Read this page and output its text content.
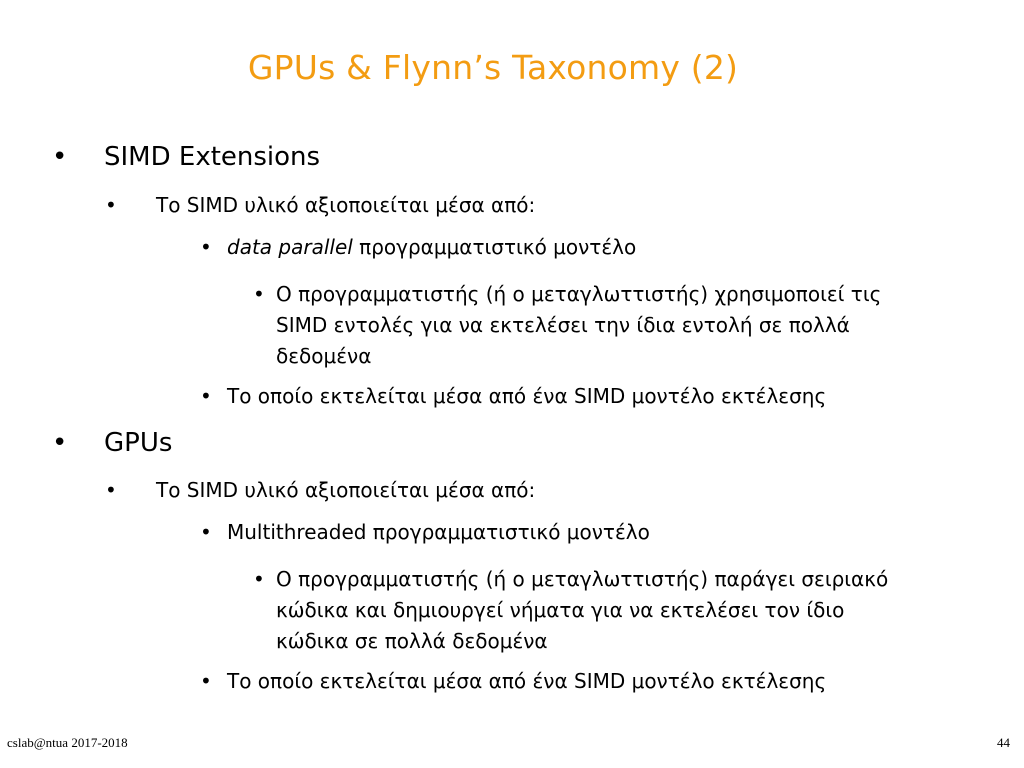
GPUs & Flynn’s Taxonomy (2)
• SIMD Extensions
• Το SIMD υλικό αξιοποιείται μέσα από:
• data parallel προγραμματιστικό μοντέλο
• Ο προγραμματιστής (ή ο μεταγλωττιστής) χρησιμοποιεί τις
SIMD εντολές για να εκτελέσει την ίδια εντολή σε πολλά
δεδομένα
• Το οποίο εκτελείται μέσα από ένα SIMD μοντέλο εκτέλεσης
• GPUs
• Το SIMD υλικό αξιοποιείται μέσα από:
• Multithreaded προγραμματιστικό μοντέλο
• Ο προγραμματιστής (ή ο μεταγλωττιστής) παράγει σειριακό
κώδικα και δημιουργεί νήματα για να εκτελέσει τον ίδιο
κώδικα σε πολλά δεδομένα
• Το οποίο εκτελείται μέσα από ένα SIMD μοντέλο εκτέλεσης
cslab@ntua 2017-2018	44
